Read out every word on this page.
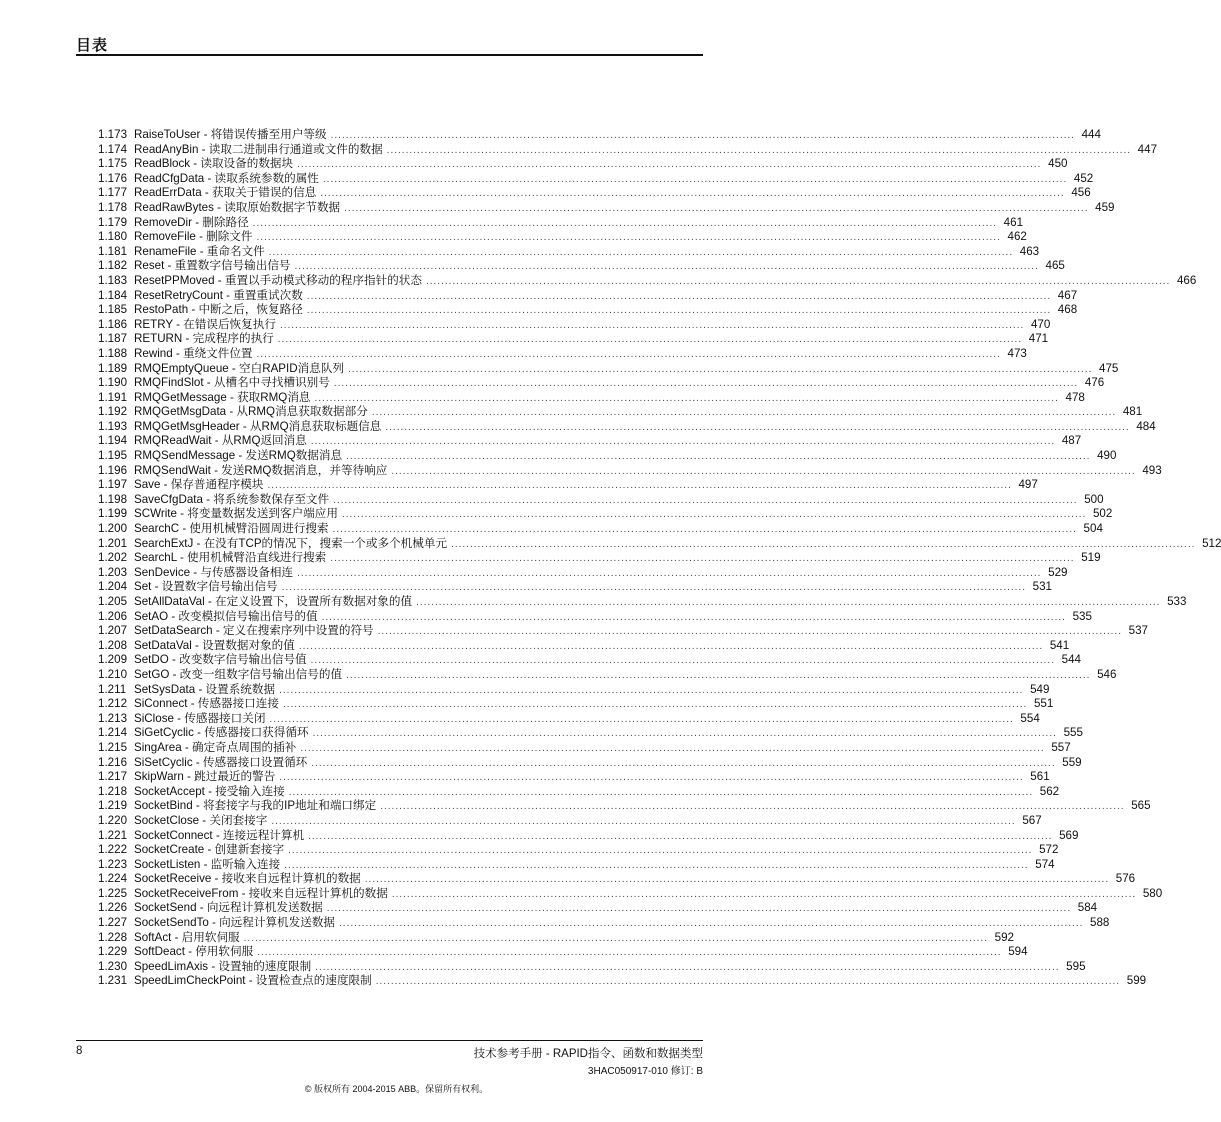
目表
1.173 RaiseToUser - 将错误传播至用户等级 .....	444
1.174 ReadAnyBin - 读取二进制串行通道或文件的数据 .....	447
1.175 ReadBlock - 读取设备的数据块 .....	450
1.176 ReadCfgData - 读取系统参数的属性 .....	452
1.177 ReadErrData - 获取关于错误的信息 .....	456
1.178 ReadRawBytes - 读取原始数据字节数据 .....	459
1.179 RemoveDir - 删除路径 .....	461
1.180 RemoveFile - 删除文件 .....	462
1.181 RenameFile - 重命名文件 .....	463
1.182 Reset - 重置数字信号输出信号 .....	465
1.183 ResetPPMoved - 重置以手动模式移动的程序指针的状态 .....	466
1.184 ResetRetryCount - 重置重试次数 .....	467
1.185 RestoPath - 中断之后，恢复路径 .....	468
1.186 RETRY - 在错误后恢复执行 .....	470
1.187 RETURN - 完成程序的执行 .....	471
1.188 Rewind - 重绕文件位置 .....	473
1.189 RMQEmptyQueue - 空白RAPID消息队列 .....	475
1.190 RMQFindSlot - 从槽名中寻找槽识别号 .....	476
1.191 RMQGetMessage - 获取RMQ消息 .....	478
1.192 RMQGetMsgData - 从RMQ消息获取数据部分 .....	481
1.193 RMQGetMsgHeader - 从RMQ消息获取标题信息 .....	484
1.194 RMQReadWait - 从RMQ返回消息 .....	487
1.195 RMQSendMessage - 发送RMQ数据消息 .....	490
1.196 RMQSendWait - 发送RMQ数据消息，并等待响应 .....	493
1.197 Save - 保存普通程序模块 .....	497
1.198 SaveCfgData - 将系统参数保存至文件 .....	500
1.199 SCWrite - 将变量数据发送到客户端应用 .....	502
1.200 SearchC - 使用机械臂沿圆周进行搜索 .....	504
1.201 SearchExtJ - 在没有TCP的情况下，搜索一个或多个机械单元 .....	512
1.202 SearchL - 使用机械臂沿直线进行搜索 .....	519
1.203 SenDevice - 与传感器设备相连 .....	529
1.204 Set - 设置数字信号输出信号 .....	531
1.205 SetAllDataVal - 在定义设置下，设置所有数据对象的值 .....	533
1.206 SetAO - 改变模拟信号输出信号的值 .....	535
1.207 SetDataSearch - 定义在搜索序列中设置的符号 .....	537
1.208 SetDataVal - 设置数据对象的值 .....	541
1.209 SetDO - 改变数字信号输出信号值 .....	544
1.210 SetGO - 改变一组数字信号输出信号的值 .....	546
1.211 SetSysData - 设置系统数据 .....	549
1.212 SiConnect - 传感器接口连接 .....	551
1.213 SiClose - 传感器接口关闭 .....	554
1.214 SiGetCyclic - 传感器接口获得循环 .....	555
1.215 SingArea - 确定奇点周围的插补 .....	557
1.216 SiSetCyclic - 传感器接口设置循环 .....	559
1.217 SkipWarn - 跳过最近的警告 .....	561
1.218 SocketAccept - 接受输入连接 .....	562
1.219 SocketBind - 将套接字与我的IP地址和端口绑定 .....	565
1.220 SocketClose - 关闭套接字 .....	567
1.221 SocketConnect - 连接远程计算机 .....	569
1.222 SocketCreate - 创建新套接字 .....	572
1.223 SocketListen - 监听输入连接 .....	574
1.224 SocketReceive - 接收来自远程计算机的数据 .....	576
1.225 SocketReceiveFrom - 接收来自远程计算机的数据 .....	580
1.226 SocketSend - 向远程计算机发送数据 .....	584
1.227 SocketSendTo - 向远程计算机发送数据 .....	588
1.228 SoftAct - 启用软伺服 .....	592
1.229 SoftDeact - 停用软伺服 .....	594
1.230 SpeedLimAxis - 设置轴的速度限制 .....	595
1.231 SpeedLimCheckPoint - 设置检查点的速度限制 .....	599
8	技术参考手册 - RAPID指令、函数和数据类型
3HAC050917-010 修订: B
© 版权所有 2004-2015 ABB。保留所有权利。
